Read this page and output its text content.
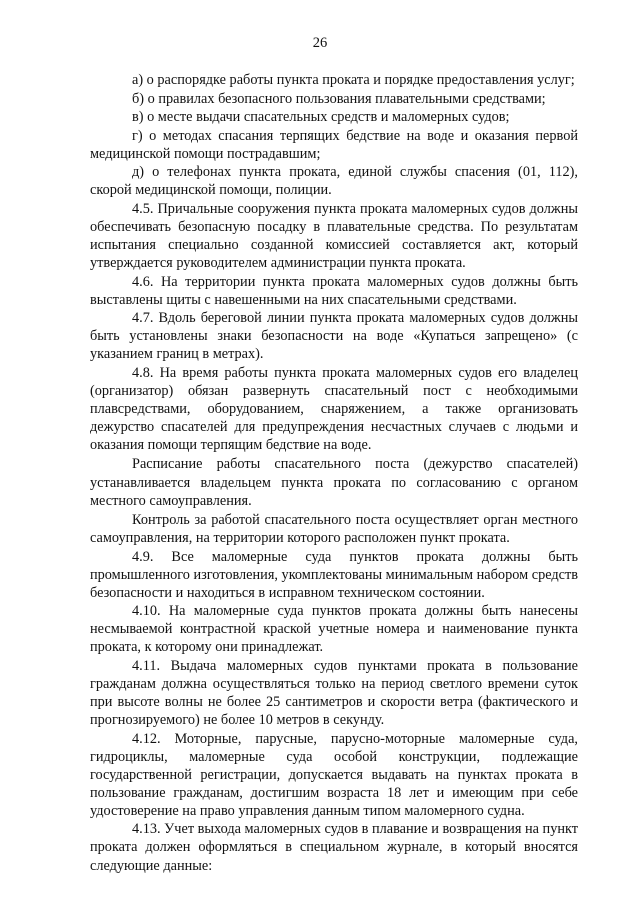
26

а) о распорядке работы пункта проката и порядке предоставления услуг;

б) о правилах безопасного пользования плавательными средствами;

в) о месте выдачи спасательных средств и маломерных судов;

г) о методах спасания терпящих бедствие на воде и оказания первой медицинской помощи пострадавшим;

д) о телефонах пункта проката, единой службы спасения (01, 112), скорой медицинской помощи, полиции.

4.5. Причальные сооружения пункта проката маломерных судов должны обеспечивать безопасную посадку в плавательные средства. По результатам испытания специально созданной комиссией составляется акт, который утверждается руководителем администрации пункта проката.

4.6. На территории пункта проката маломерных судов должны быть выставлены щиты с навешенными на них спасательными средствами.

4.7. Вдоль береговой линии пункта проката маломерных судов должны быть установлены знаки безопасности на воде «Купаться запрещено» (с указанием границ в метрах).

4.8. На время работы пункта проката маломерных судов его владелец (организатор) обязан развернуть спасательный пост с необходимыми плавсредствами, оборудованием, снаряжением, а также организовать дежурство спасателей для предупреждения несчастных случаев с людьми и оказания помощи терпящим бедствие на воде.

Расписание работы спасательного поста (дежурство спасателей) устанавливается владельцем пункта проката по согласованию с органом местного самоуправления.

Контроль за работой спасательного поста осуществляет орган местного самоуправления, на территории которого расположен пункт проката.

4.9. Все маломерные суда пунктов проката должны быть промышленного изготовления, укомплектованы минимальным набором средств безопасности и находиться в исправном техническом состоянии.

4.10. На маломерные суда пунктов проката должны быть нанесены несмываемой контрастной краской учетные номера и наименование пункта проката, к которому они принадлежат.

4.11. Выдача маломерных судов пунктами проката в пользование гражданам должна осуществляться только на период светлого времени суток при высоте волны не более 25 сантиметров и скорости ветра (фактического и прогнозируемого) не более 10 метров в секунду.

4.12. Моторные, парусные, парусно-моторные маломерные суда, гидроциклы, маломерные суда особой конструкции, подлежащие государственной регистрации, допускается выдавать на пунктах проката в пользование гражданам, достигшим возраста 18 лет и имеющим при себе удостоверение на право управления данным типом маломерного судна.

4.13. Учет выхода маломерных судов в плавание и возвращения на пункт проката должен оформляться в специальном журнале, в который вносятся следующие данные:
